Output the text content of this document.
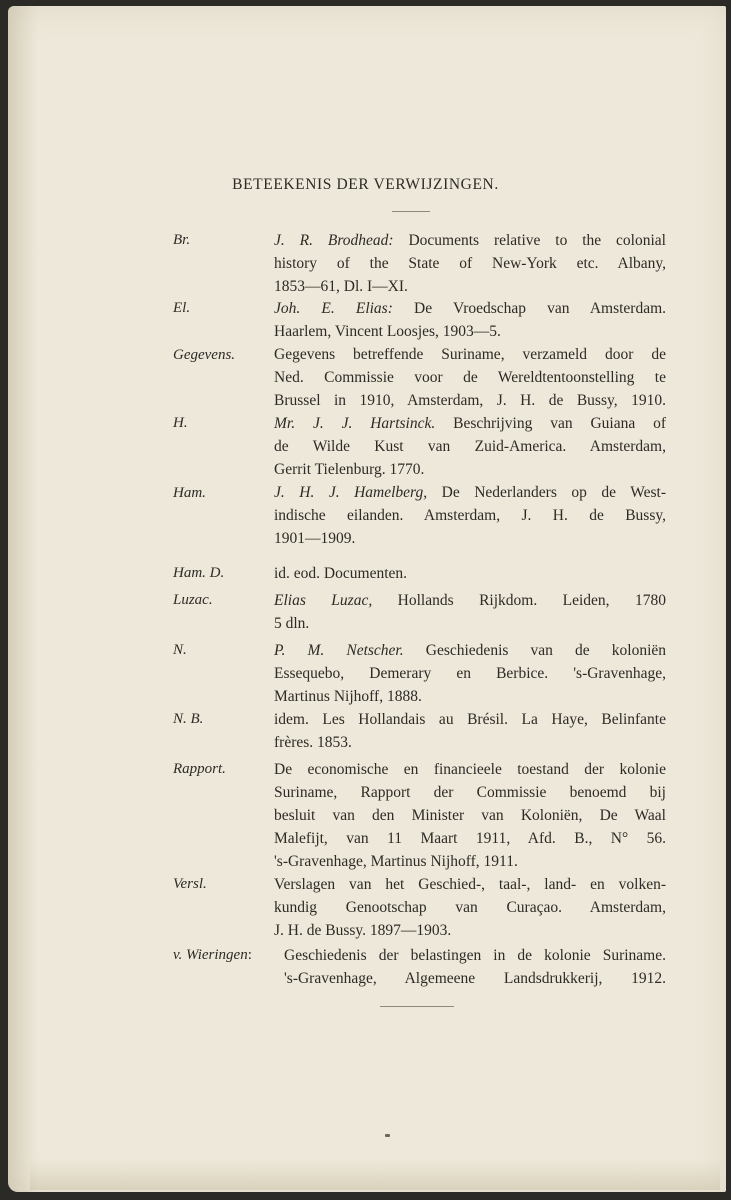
BETEEKENIS DER VERWIJZINGEN.
Br.	J. R. Brodhead: Documents relative to the colonial
history of the State of New-York etc. Albany,
1853—61, Dl. I—XI.
El.	Joh. E. Elias: De Vroedschap van Amsterdam.
Haarlem, Vincent Loosjes, 1903—5.
Gegevens.	Gegevens betreffende Suriname, verzameld door de
Ned. Commissie voor de Wereldtentoonstelling te
Brussel in 1910, Amsterdam, J. H. de Bussy, 1910.
H.	Mr. J. J. Hartsinck. Beschrijving van Guiana of
de Wilde Kust van Zuid-America. Amsterdam,
Gerrit Tielenburg. 1770.
Ham.	J. H. J. Hamelberg, De Nederlanders op de West-
indische eilanden. Amsterdam, J. H. de Bussy,
1901—1909.
Ham. D.	id. eod. Documenten.
Luzac.	Elias Luzac, Hollands Rijkdom. Leiden, 1780
5 dln.
N.	P. M. Netscher. Geschiedenis van de koloniën
Essequebo, Demerary en Berbice. 's-Gravenhage,
Martinus Nijhoff, 1888.
N. B.	idem. Les Hollandais au Brésil. La Haye, Belinfante
frères. 1853.
Rapport.	De economische en financieele toestand der kolonie
Suriname, Rapport der Commissie benoemd bij
besluit van den Minister van Koloniën, De Waal
Malefijt, van 11 Maart 1911, Afd. B., N° 56.
's-Gravenhage, Martinus Nijhoff, 1911.
Versl.	Verslagen van het Geschied-, taal-, land- en volken-
kundig Genootschap van Curaçao. Amsterdam,
J. H. de Bussy. 1897—1903.
v. Wieringen: Geschiedenis der belastingen in de kolonie Suriname.
's-Gravenhage, Algemeene Landsdrukkerij, 1912.
